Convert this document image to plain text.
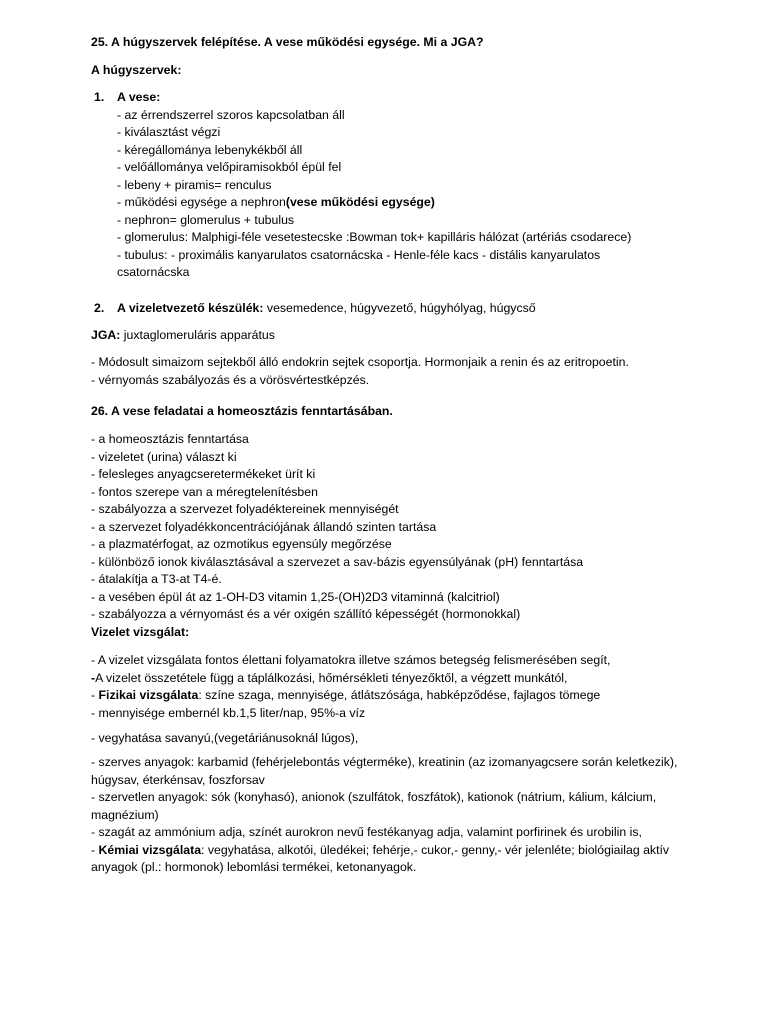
25. A húgyszervek felépítése. A vese működési egysége. Mi a JGA?
A húgyszervek:
1.	A vese:
- az érrendszerrel szoros kapcsolatban áll
- kiválasztást végzi
- kéregállománya lebenykékből áll
- velőállománya velőpiramisokból épül fel
- lebeny + piramis= renculus
- működési egysége a nephron(vese működési egysége)
- nephron= glomerulus + tubulus
- glomerulus: Malphigi-féle vesetestecske :Bowman tok+ kapilláris hálózat (artériás csodarece)
- tubulus: - proximális kanyarulatos csatornácska - Henle-féle kacs - distális kanyarulatos csatornácska
2.	A vizeletvezető készülék: vesemedence, húgyvezető, húgyhólyag, húgycső
JGA: juxtaglomeruláris apparátus
- Módosult simaizom sejtekből álló endokrin sejtek csoportja. Hormonjaik a renin és az eritropoetin.
- vérnyomás szabályozás és a vörösvértestképzés.
26. A vese feladatai a homeosztázis fenntartásában.
- a homeosztázis fenntartása
- vizeletet (urina) választ ki
- felesleges anyagcseretermékeket ürít ki
- fontos szerepe van a méregtelenítésben
- szabályozza a szervezet folyadéktereinek mennyiségét
- a szervezet folyadékkoncentrációjának állandó szinten tartása
- a plazmatérfogat, az ozmotikus egyensúly megőrzése
- különböző ionok kiválasztásával a szervezet a sav-bázis egyensúlyának (pH) fenntartása
- átalakítja a T3-at T4-é.
- a vesében épül át az 1-OH-D3 vitamin 1,25-(OH)2D3 vitaminná (kalcitriol)
- szabályozza a vérnyomást és a vér oxigén szállító képességét (hormonokkal)
Vizelet vizsgálat:
- A vizelet vizsgálata fontos élettani folyamatokra illetve számos betegség felismerésében segít,
-A vizelet összetétele függ a táplálkozási, hőmérsékleti tényezőktől, a végzett munkától,
- Fizikai vizsgálata: színe szaga, mennyisége, átlátszósága, habképződése, fajlagos tömege
- mennyisége embernél kb.1,5 liter/nap, 95%-a víz
- vegyhatása savanyú,(vegetáriánusoknál lúgos),
- szerves anyagok: karbamid (fehérjelebontás végterméke), kreatinin (az izomanyagcsere során keletkezik), húgysav, éterkénsav, foszforsav
- szervetlen anyagok: sók (konyhasó), anionok (szulfátok, foszfátok), kationok (nátrium, kálium, kálcium, magnézium)
- szagát az ammónium adja, színét aurokron nevű festékanyag adja, valamint porfirinek és urobilin is,
- Kémiai vizsgálata: vegyhatása, alkotói, üledékei; fehérje,- cukor,- genny,- vér jelenléte; biológiailag aktív anyagok (pl.: hormonok) lebomlási termékei, ketonanyagok.
